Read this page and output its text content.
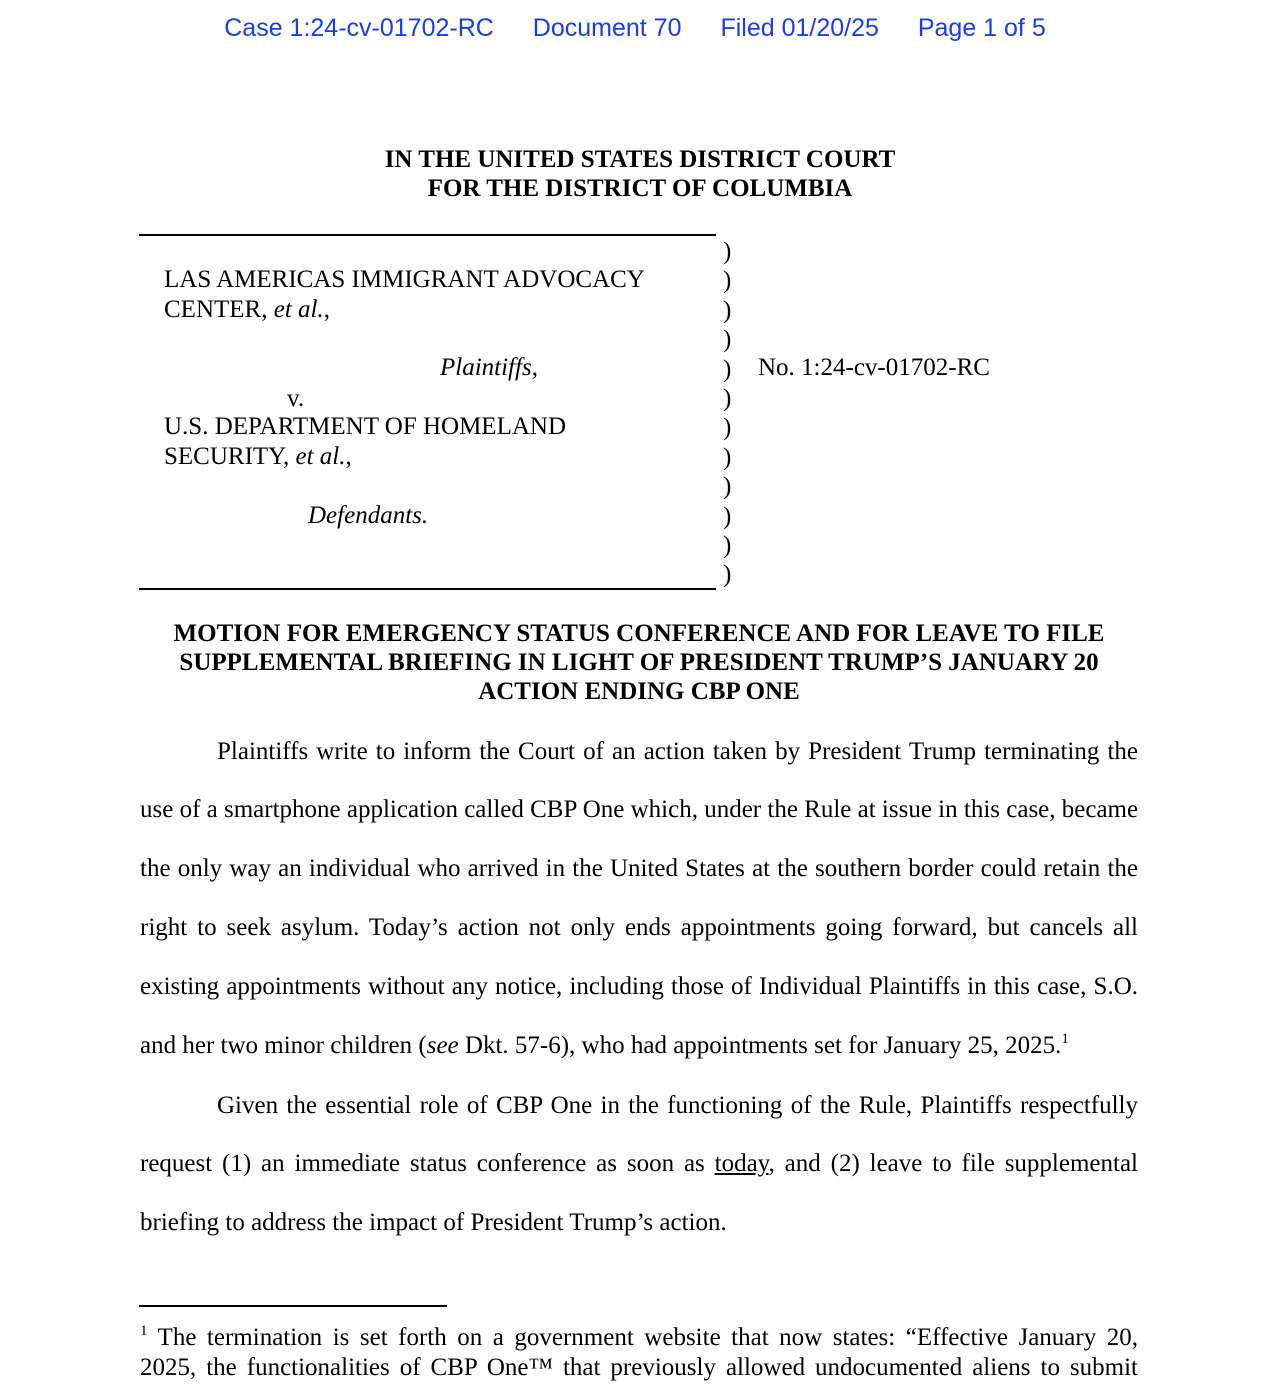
Case 1:24-cv-01702-RC Document 70 Filed 01/20/25 Page 1 of 5
IN THE UNITED STATES DISTRICT COURT
FOR THE DISTRICT OF COLUMBIA
LAS AMERICAS IMMIGRANT ADVOCACY
CENTER, et al.,
Plaintiffs,
v.
U.S. DEPARTMENT OF HOMELAND
SECURITY, et al.,
Defendants.
)
)
)
)
)
)
)
)
)
)
)
)
No. 1:24-cv-01702-RC
MOTION FOR EMERGENCY STATUS CONFERENCE AND FOR LEAVE TO FILE
SUPPLEMENTAL BRIEFING IN LIGHT OF PRESIDENT TRUMP’S JANUARY 20
ACTION ENDING CBP ONE
Plaintiffs write to inform the Court of an action taken by President Trump terminating the
use of a smartphone application called CBP One which, under the Rule at issue in this case, became
the only way an individual who arrived in the United States at the southern border could retain the
right to seek asylum. Today’s action not only ends appointments going forward, but cancels all
existing appointments without any notice, including those of Individual Plaintiffs in this case, S.O.
and her two minor children (see Dkt. 57-6), who had appointments set for January 25, 2025.$^1$
Given the essential role of CBP One in the functioning of the Rule, Plaintiffs respectfully
request (1) an immediate status conference as soon as today, and (2) leave to file supplemental
briefing to address the impact of President Trump’s action.
$^1$ The termination is set forth on a government website that now states: “Effective January 20,
2025, the functionalities of CBP One™ that previously allowed undocumented aliens to submit
